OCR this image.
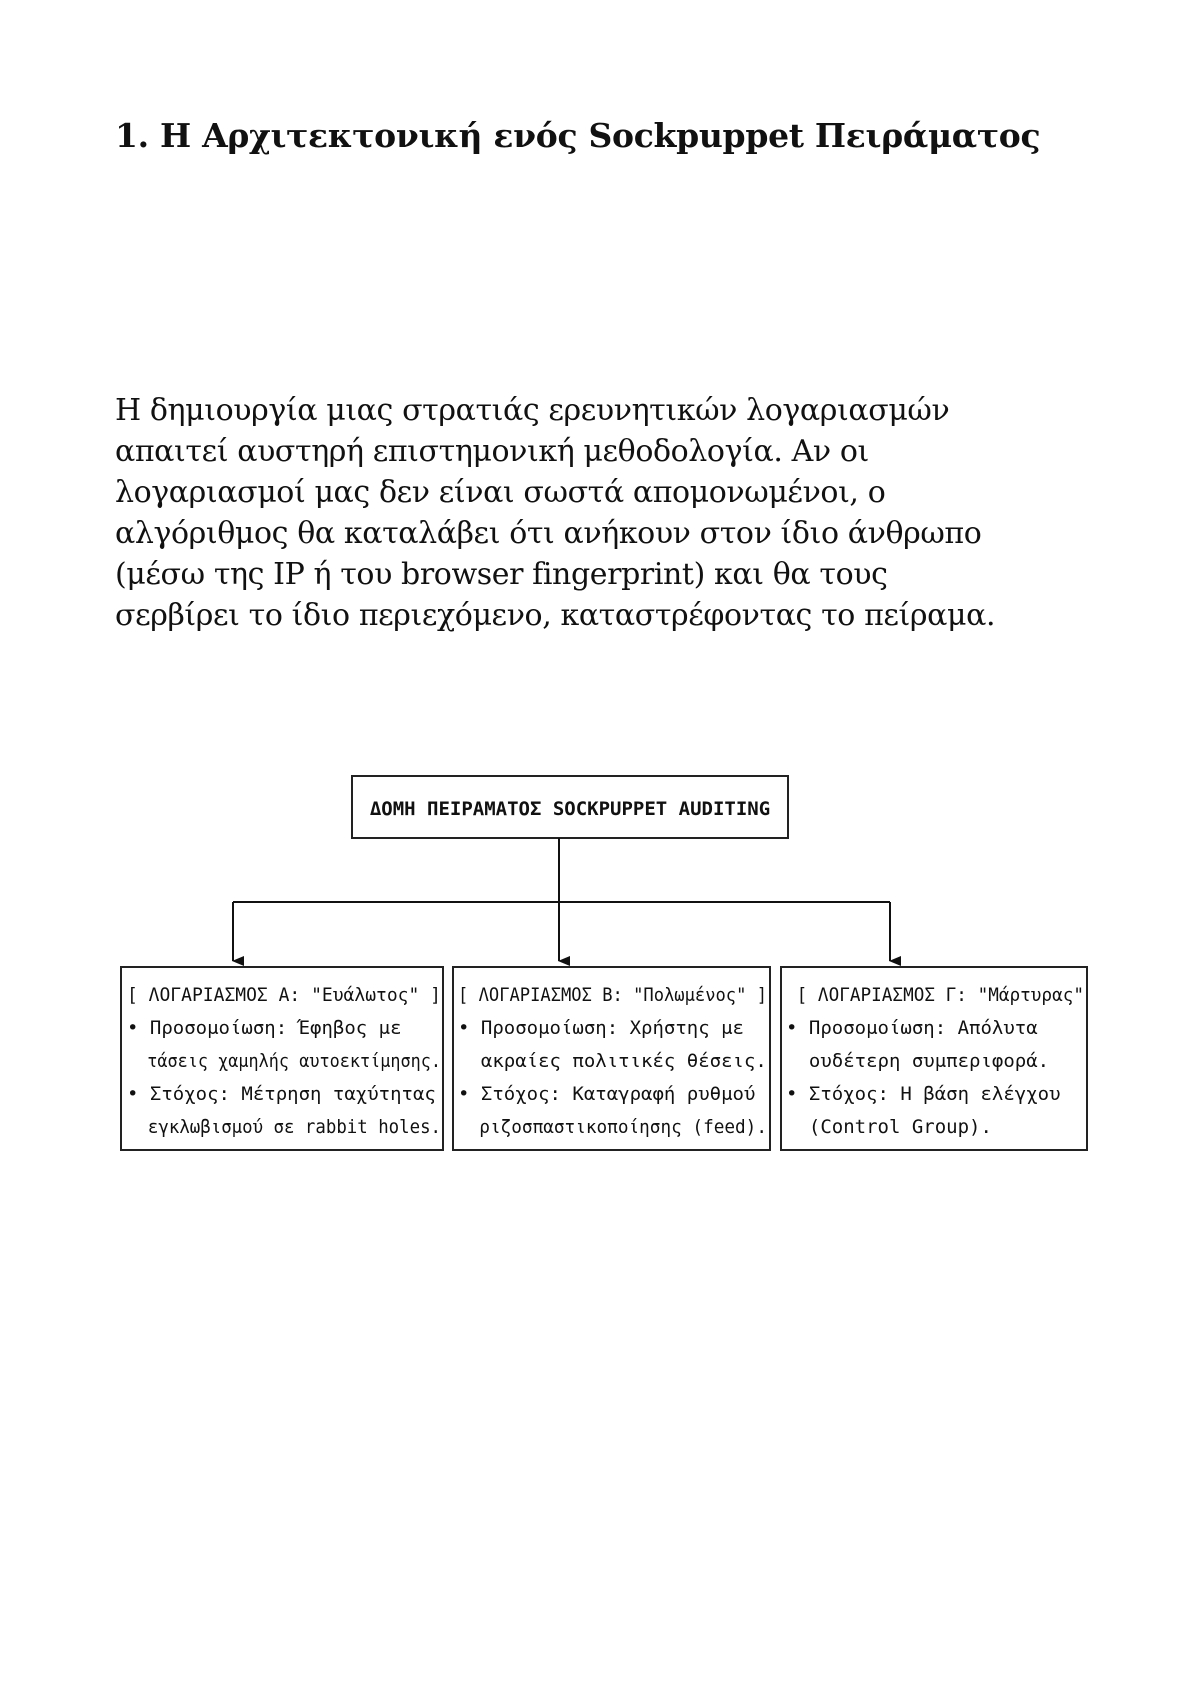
1. Η Αρχιτεκτονική ενός Sockpuppet Πειράματος

Η δημιουργία μιας στρατιάς ερευνητικών λογαριασμών
απαιτεί αυστηρή επιστημονική μεθοδολογία. Αν οι
λογαριασμοί μας δεν είναι σωστά απομονωμένοι, ο
αλγόριθμος θα καταλάβει ότι ανήκουν στον ίδιο άνθρωπο
(μέσω της IP ή του browser fingerprint) και θα τους
σερβίρει το ίδιο περιεχόμενο, καταστρέφοντας το πείραμα.

ΔΟΜΗ ΠΕΙΡΑΜΑΤΟΣ SOCKPUPPET AUDITING
[ ΛΟΓΑΡΙΑΣΜΟΣ Α: "Ευάλωτος" ]
• Προσομοίωση: Έφηβος με
τάσεις χαμηλής αυτοεκτίμησης.
• Στόχος: Μέτρηση ταχύτητας
εγκλωβισμού σε rabbit holes.
[ ΛΟΓΑΡΙΑΣΜΟΣ Β: "Πολωμένος" ]
• Προσομοίωση: Χρήστης με
ακραίες πολιτικές θέσεις.
• Στόχος: Καταγραφή ρυθμού
ριζοσπαστικοποίησης (feed).
[ ΛΟΓΑΡΙΑΣΜΟΣ Γ: "Μάρτυρας"
• Προσομοίωση: Απόλυτα
ουδέτερη συμπεριφορά.
• Στόχος: Η βάση ελέγχου
(Control Group).
